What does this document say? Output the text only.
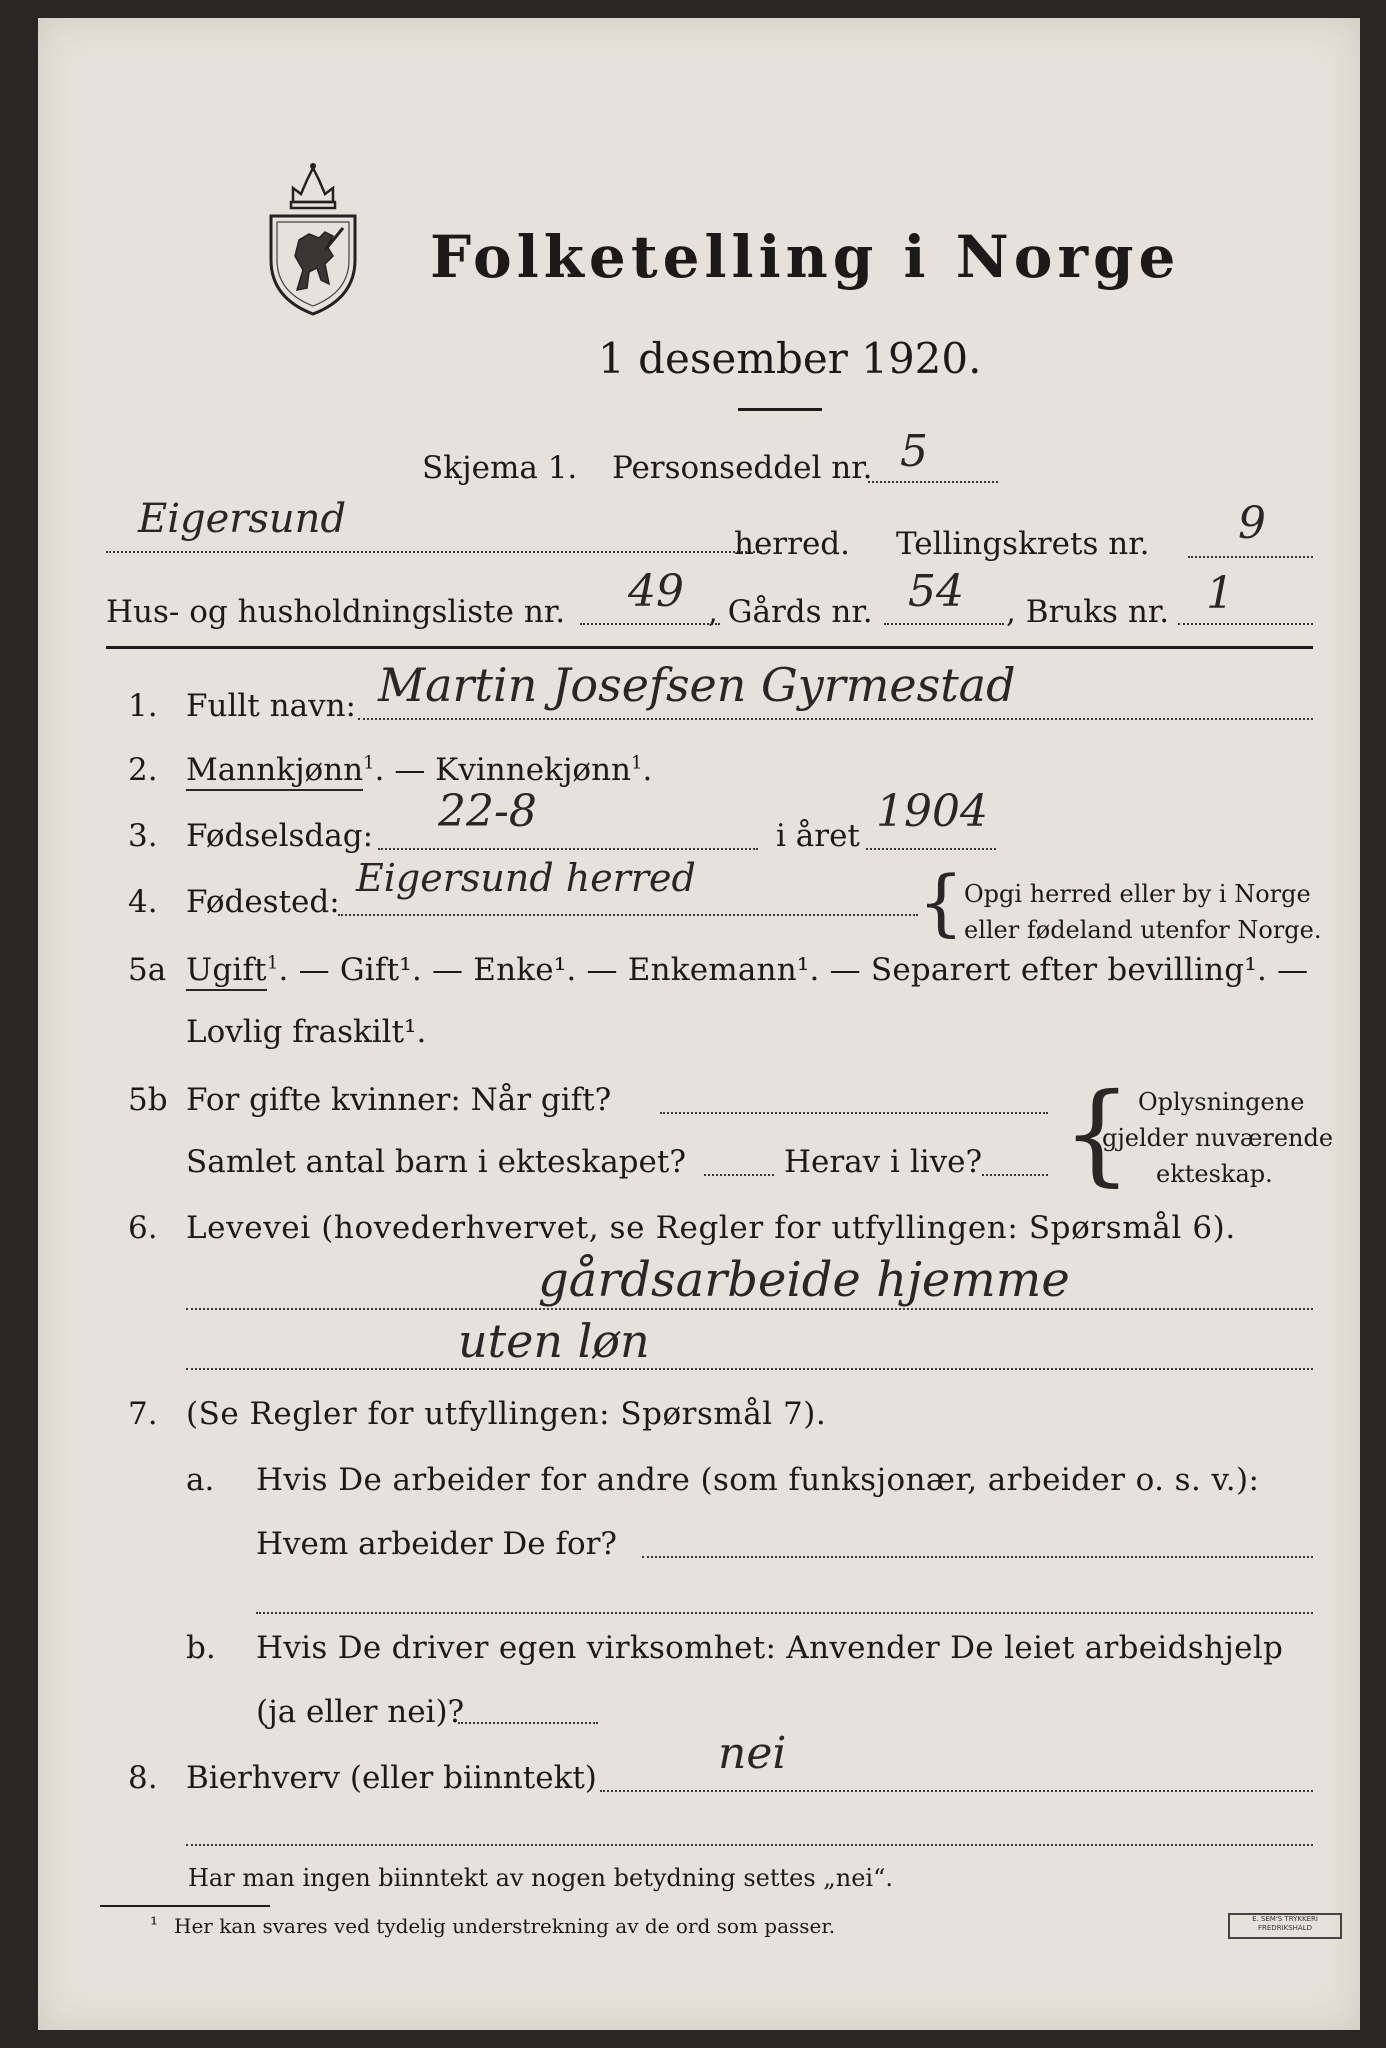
Folketelling i Norge
1 desember 1920.
Skjema 1. Personseddel nr. 5
Eigersund
herred. Tellingskrets nr. 9
Hus- og husholdningsliste nr. 49 , Gårds nr. 54 , Bruks nr. 1
1. Fullt navn: Martin Josefsen Gyrmestad
2. Mannkjønn$^1$. — Kvinnekjønn$^1$.
3. Fødselsdag: 22-8	i året 1904
4. Fødested:
Eigersund herred	{ Opgi herred eller by i Norge
eller fødeland utenfor Norge.
5a Ugift$^1$. — Gift¹. — Enke¹. — Enkemann¹. — Separert efter bevilling¹. —
Lovlig fraskilt¹.
5b For gifte kvinner: Når gift?
Samlet antal barn i ekteskapet?	Herav i live? { Oplysningene
gjelder nuværende
ekteskap.
6. Levevei (hovederhvervet, se Regler for utfyllingen: Spørsmål 6).
gårdsarbeide hjemme
uten løn
7. (Se Regler for utfyllingen: Spørsmål 7).
a. Hvis De arbeider for andre (som funksjonær, arbeider o. s. v.):
Hvem arbeider De for?
b. Hvis De driver egen virksomhet: Anvender De leiet arbeidshjelp
(ja eller nei)?
8. Bierhverv (eller biinntekt)	nei
Har man ingen biinntekt av nogen betydning settes „nei“.
¹ Her kan svares ved tydelig understrekning av de ord som passer.	E. SEM'S TRYKKERI FREDRIKSHALD
